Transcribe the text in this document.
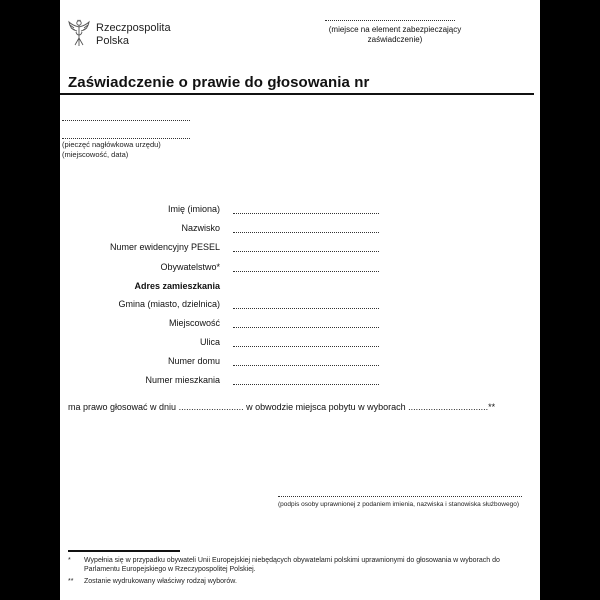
Rzeczpospolita
Polska
(miejsce na element zabezpieczający
zaświadczenie)
Zaświadczenie o prawie do głosowania nr
(pieczęć nagłówkowa urzędu)
(miejscowość, data)
Imię (imiona)
Nazwisko
Numer ewidencyjny PESEL
Obywatelstwo*
Adres zamieszkania
Gmina (miasto, dzielnica)
Miejscowość
Ulica
Numer domu
Numer mieszkania
ma prawo głosować w dniu .......................... w obwodzie miejsca pobytu w wyborach ................................**
(podpis osoby uprawnionej z podaniem imienia, nazwiska i stanowiska służbowego)
* Wypełnia się w przypadku obywateli Unii Europejskiej niebędących obywatelami polskimi uprawnionymi do głosowania w wyborach do Parlamentu Europejskiego w Rzeczypospolitej Polskiej.
** Zostanie wydrukowany właściwy rodzaj wyborów.
